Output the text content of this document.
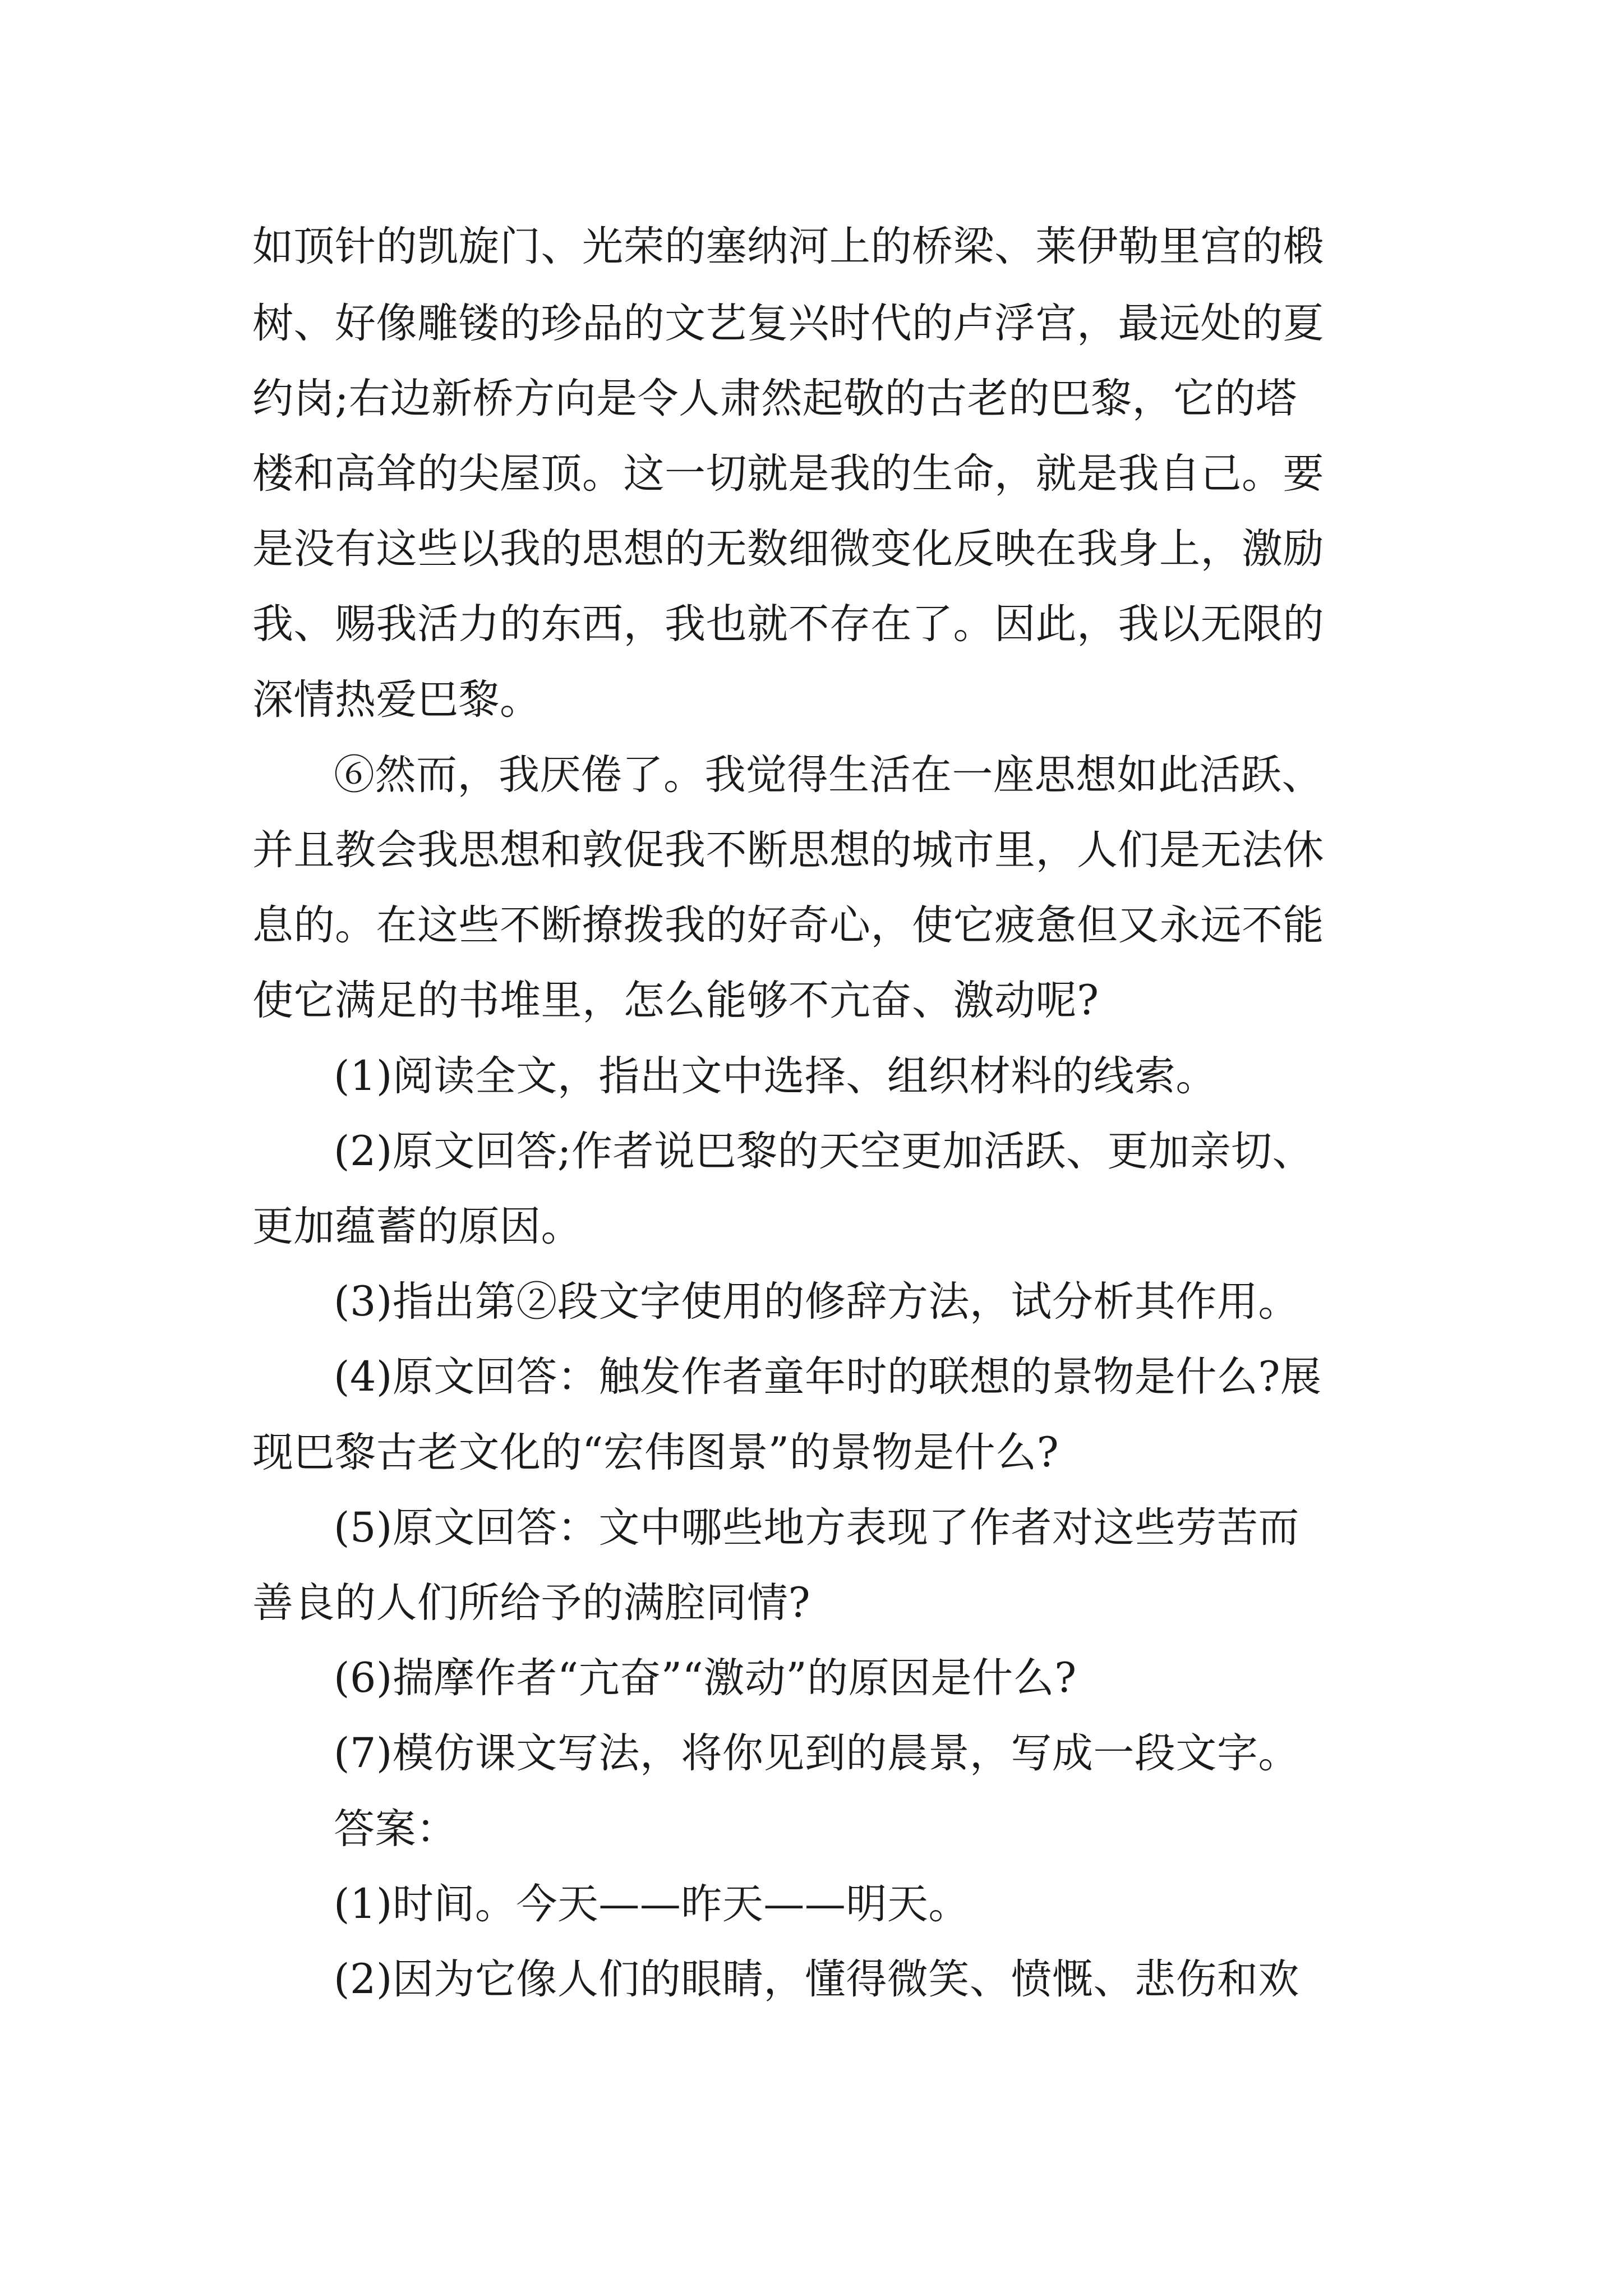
如顶针的凯旋门、光荣的塞纳河上的桥梁、莱伊勒里宫的椴
树、好像雕镂的珍品的文艺复兴时代的卢浮宫，最远处的夏
约岗;右边新桥方向是令人肃然起敬的古老的巴黎，它的塔
楼和高耸的尖屋顶。这一切就是我的生命，就是我自己。要
是没有这些以我的思想的无数细微变化反映在我身上，激励
我、赐我活力的东西，我也就不存在了。因此，我以无限的
深情热爱巴黎。
⑥然而，我厌倦了。我觉得生活在一座思想如此活跃、
并且教会我思想和敦促我不断思想的城市里，人们是无法休
息的。在这些不断撩拨我的好奇心，使它疲惫但又永远不能
使它满足的书堆里，怎么能够不亢奋、激动呢?
(1)阅读全文，指出文中选择、组织材料的线索。
(2)原文回答;作者说巴黎的天空更加活跃、更加亲切、
更加蕴蓄的原因。
(3)指出第②段文字使用的修辞方法，试分析其作用。
(4)原文回答：触发作者童年时的联想的景物是什么?展
现巴黎古老文化的“宏伟图景”的景物是什么?
(5)原文回答：文中哪些地方表现了作者对这些劳苦而
善良的人们所给予的满腔同情?
(6)揣摩作者“亢奋”“激动”的原因是什么?
(7)模仿课文写法，将你见到的晨景，写成一段文字。
答案：
(1)时间。今天——昨天——明天。
(2)因为它像人们的眼睛，懂得微笑、愤慨、悲伤和欢
